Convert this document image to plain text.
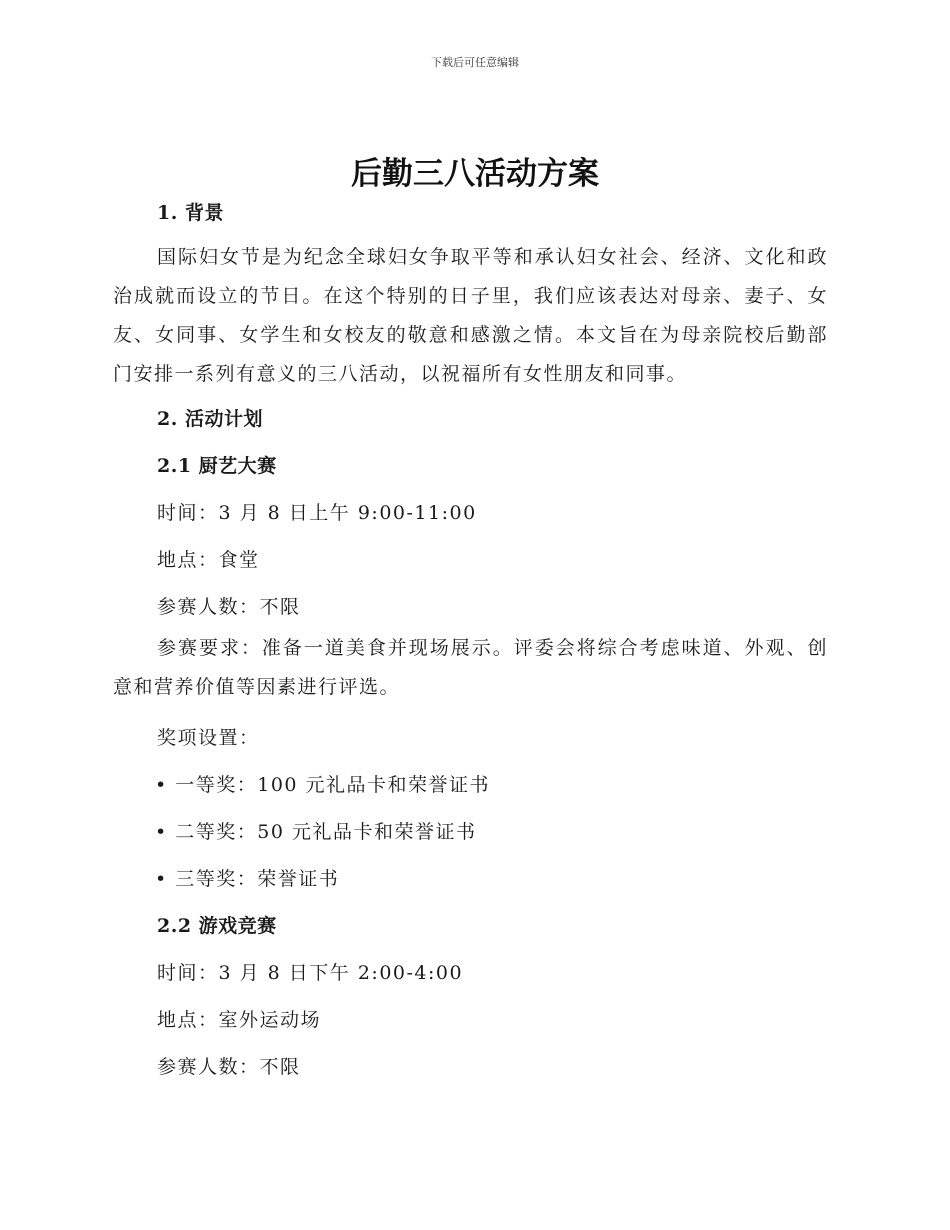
下载后可任意编辑
后勤三八活动方案
1. 背景
国际妇女节是为纪念全球妇女争取平等和承认妇女社会、经济、文化和政治成就而设立的节日。在这个特别的日子里，我们应该表达对母亲、妻子、女友、女同事、女学生和女校友的敬意和感激之情。本文旨在为母亲院校后勤部门安排一系列有意义的三八活动，以祝福所有女性朋友和同事。
2. 活动计划
2.1 厨艺大赛
时间：3 月 8 日上午 9:00-11:00
地点：食堂
参赛人数：不限
参赛要求：准备一道美食并现场展示。评委会将综合考虑味道、外观、创意和营养价值等因素进行评选。
奖项设置：
• 一等奖：100 元礼品卡和荣誉证书
• 二等奖：50 元礼品卡和荣誉证书
• 三等奖：荣誉证书
2.2 游戏竞赛
时间：3 月 8 日下午 2:00-4:00
地点：室外运动场
参赛人数：不限
